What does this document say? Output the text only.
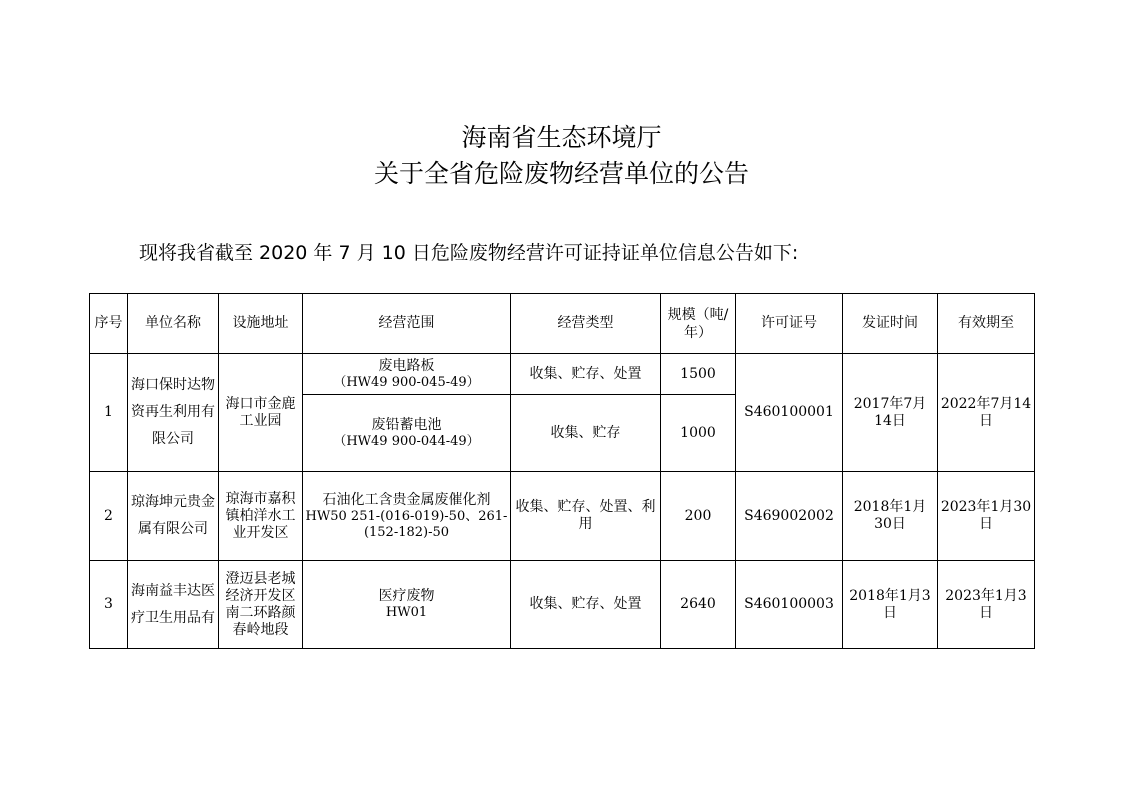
海南省生态环境厅
关于全省危险废物经营单位的公告
现将我省截至 2020 年 7 月 10 日危险废物经营许可证持证单位信息公告如下:
序号	单位名称	设施地址	经营范围	经营类型	规模（吨/年）	许可证号	发证时间	有效期至
1	海口保时达物资再生利用有限公司	海口市金鹿工业园	废电路板
（HW49 900-045-49）	收集、贮存、处置	1500	S460100001	2017年7月14日	2022年7月14日

			废铅蓄电池
（HW49 900-044-49）	收集、贮存	1000			
2	琼海坤元贵金属有限公司	琼海市嘉积镇柏洋水工业开发区	石油化工含贵金属废催化剂
HW50 251-(016-019)-50、261-(152-182)-50	收集、贮存、处置、利用	200	S469002002	2018年1月30日	2023年1月30日
3	海南益丰达医疗卫生用品有	澄迈县老城经济开发区南二环路颜春岭地段	医疗废物
HW01	收集、贮存、处置	2640	S460100003	2018年1月3日	2023年1月3日
